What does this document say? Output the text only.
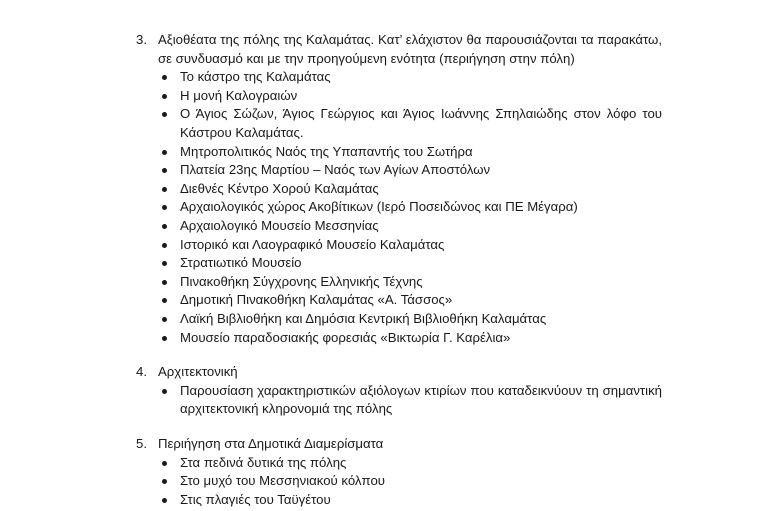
3. Αξιοθέατα της πόλης της Καλαμάτας. Κατ’ ελάχιστον θα παρουσιάζονται τα παρακάτω, σε συνδυασμό και με την προηγούμενη ενότητα (περιήγηση στην πόλη)
Το κάστρο της Καλαμάτας
Η μονή Καλογραιών
Ο Άγιος Σώζων, Άγιος Γεώργιος και Άγιος Ιωάννης Σπηλαιώδης στον λόφο του Κάστρου Καλαμάτας.
Μητροπολιτικός Ναός της Υπαπαντής του Σωτήρα
Πλατεία 23ης Μαρτίου – Ναός των Αγίων Αποστόλων
Διεθνές Κέντρο Χορού Καλαμάτας
Αρχαιολογικός χώρος Ακοβίτικων (Ιερό Ποσειδώνος και ΠΕ Μέγαρα)
Αρχαιολογικό Μουσείο Μεσσηνίας
Ιστορικό και Λαογραφικό Μουσείο Καλαμάτας
Στρατιωτικό Μουσείο
Πινακοθήκη Σύγχρονης Ελληνικής Τέχνης
Δημοτική Πινακοθήκη Καλαμάτας «Α. Τάσσος»
Λαϊκή Βιβλιοθήκη και Δημόσια Κεντρική Βιβλιοθήκη Καλαμάτας
Μουσείο παραδοσιακής φορεσιάς «Βικτωρία Γ. Καρέλια»
4. Αρχιτεκτονική
Παρουσίαση χαρακτηριστικών αξιόλογων κτιρίων που καταδεικνύουν τη σημαντική αρχιτεκτονική κληρονομιά της πόλης
5. Περιήγηση στα Δημοτικά Διαμερίσματα
Στα πεδινά δυτικά της πόλης
Στο μυχό του Μεσσηνιακού κόλπου
Στις πλαγιές του Ταϋγέτου
